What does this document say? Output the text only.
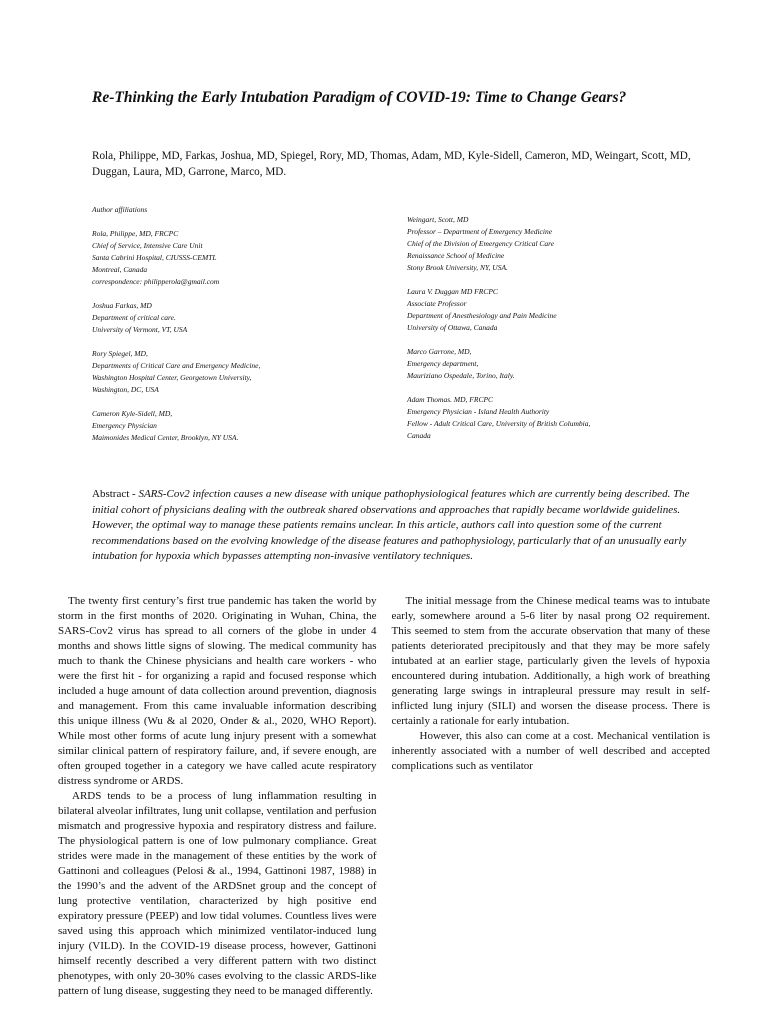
Re-Thinking the Early Intubation Paradigm of COVID-19: Time to Change Gears?

Rola, Philippe, MD, Farkas, Joshua, MD, Spiegel, Rory, MD, Thomas, Adam, MD, Kyle-Sidell, Cameron, MD, Weingart, Scott, MD, Duggan, Laura, MD, Garrone, Marco, MD.

Author affiliations
Rola, Philippe, MD, FRCPC
Chief of Service, Intensive Care Unit
Santa Cabrini Hospital, CIUSSS-CEMTL
Montreal, Canada
correspondence: philipperola@gmail.com
Joshua Farkas, MD
Department of critical care.
University of Vermont, VT, USA
Rory Spiegel, MD,
Departments of Critical Care and Emergency Medicine,
Washington Hospital Center, Georgetown University,
Washington, DC, USA
Cameron Kyle-Sidell, MD,
Emergency Physician
Maimonides Medical Center, Brooklyn, NY USA.
Weingart, Scott, MD
Professor – Department of Emergency Medicine
Chief of the Division of Emergency Critical Care
Renaissance School of Medicine
Stony Brook University, NY, USA.
Laura V. Duggan MD FRCPC
Associate Professor
Department of Anesthesiology and Pain Medicine
University of Ottawa, Canada
Marco Garrone, MD,
Emergency department,
Mauriziano Ospedale, Torino, Italy.
Adam Thomas. MD, FRCPC
Emergency Physician - Island Health Authority
Fellow - Adult Critical Care, University of British Columbia,
Canada

Abstract - SARS-Cov2 infection causes a new disease with unique pathophysiological features which are currently being described. The initial cohort of physicians dealing with the outbreak shared observations and approaches that rapidly became worldwide guidelines. However, the optimal way to manage these patients remains unclear. In this article, authors call into question some of the current recommendations based on the evolving knowledge of the disease features and pathophysiology, particularly that of an unusually early intubation for hypoxia which bypasses attempting non-invasive ventilatory techniques.

The twenty first century’s first true pandemic has taken the world by storm in the first months of 2020. Originating in Wuhan, China, the SARS-Cov2 virus has spread to all corners of the globe in under 4 months and shows little signs of slowing. The medical community has much to thank the Chinese physicians and health care workers - who were the first hit - for organizing a rapid and focused response which included a huge amount of data collection around prevention, diagnosis and management. From this came invaluable information describing this unique illness (Wu & al 2020, Onder & al., 2020, WHO Report). While most other forms of acute lung injury present with a somewhat similar clinical pattern of respiratory failure, and, if severe enough, are often grouped together in a category we have called acute respiratory distress syndrome or ARDS.

ARDS tends to be a process of lung inflammation resulting in bilateral alveolar infiltrates, lung unit collapse, ventilation and perfusion mismatch and progressive hypoxia and respiratory distress and failure. The physiological pattern is one of low pulmonary compliance. Great strides were made in the management of these entities by the work of Gattinoni and colleagues (Pelosi & al., 1994, Gattinoni 1987, 1988) in the 1990’s and the advent of the ARDSnet group and the concept of lung protective ventilation, characterized by high positive end expiratory pressure (PEEP) and low tidal volumes. Countless lives were saved using this approach which minimized ventilator-induced lung injury (VILD). In the COVID-19 disease process, however, Gattinoni himself recently described a very different pattern with two distinct phenotypes, with only 20-30% cases evolving to the classic ARDS-like pattern of lung disease, suggesting they need to be managed differently.

The initial message from the Chinese medical teams was to intubate early, somewhere around a 5-6 liter by nasal prong O2 requirement. This seemed to stem from the accurate observation that many of these patients deteriorated precipitously and that they may be more safely intubated at an earlier stage, particularly given the levels of hypoxia encountered during intubation. Additionally, a high work of breathing generating large swings in intrapleural pressure may result in self-inflicted lung injury (SILI) and worsen the disease process. There is certainly a rationale for early intubation.

However, this also can come at a cost. Mechanical ventilation is inherently associated with a number of well described and accepted complications such as ventilator
